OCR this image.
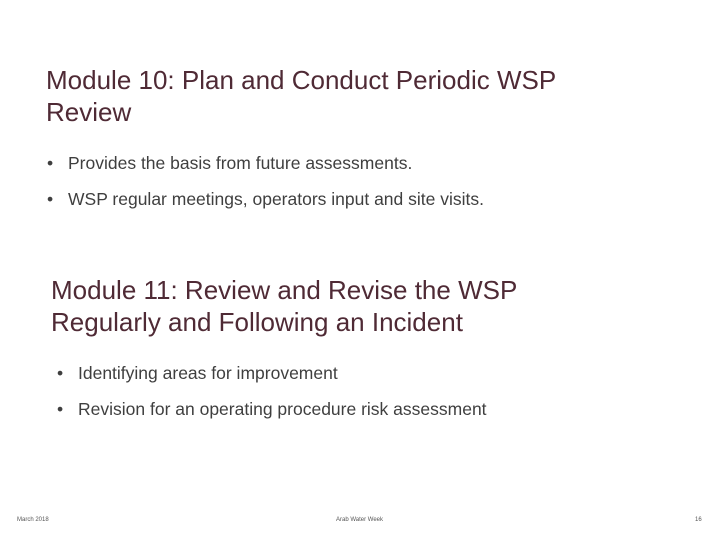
Module 10: Plan and Conduct Periodic WSP
Review
• Provides the basis from future assessments.
• WSP regular meetings, operators input and site visits.
Module 11: Review and Revise the WSP
Regularly and Following an Incident
• Identifying areas for improvement
• Revision for an operating procedure risk assessment
March 2018	Arab Water Week	16
